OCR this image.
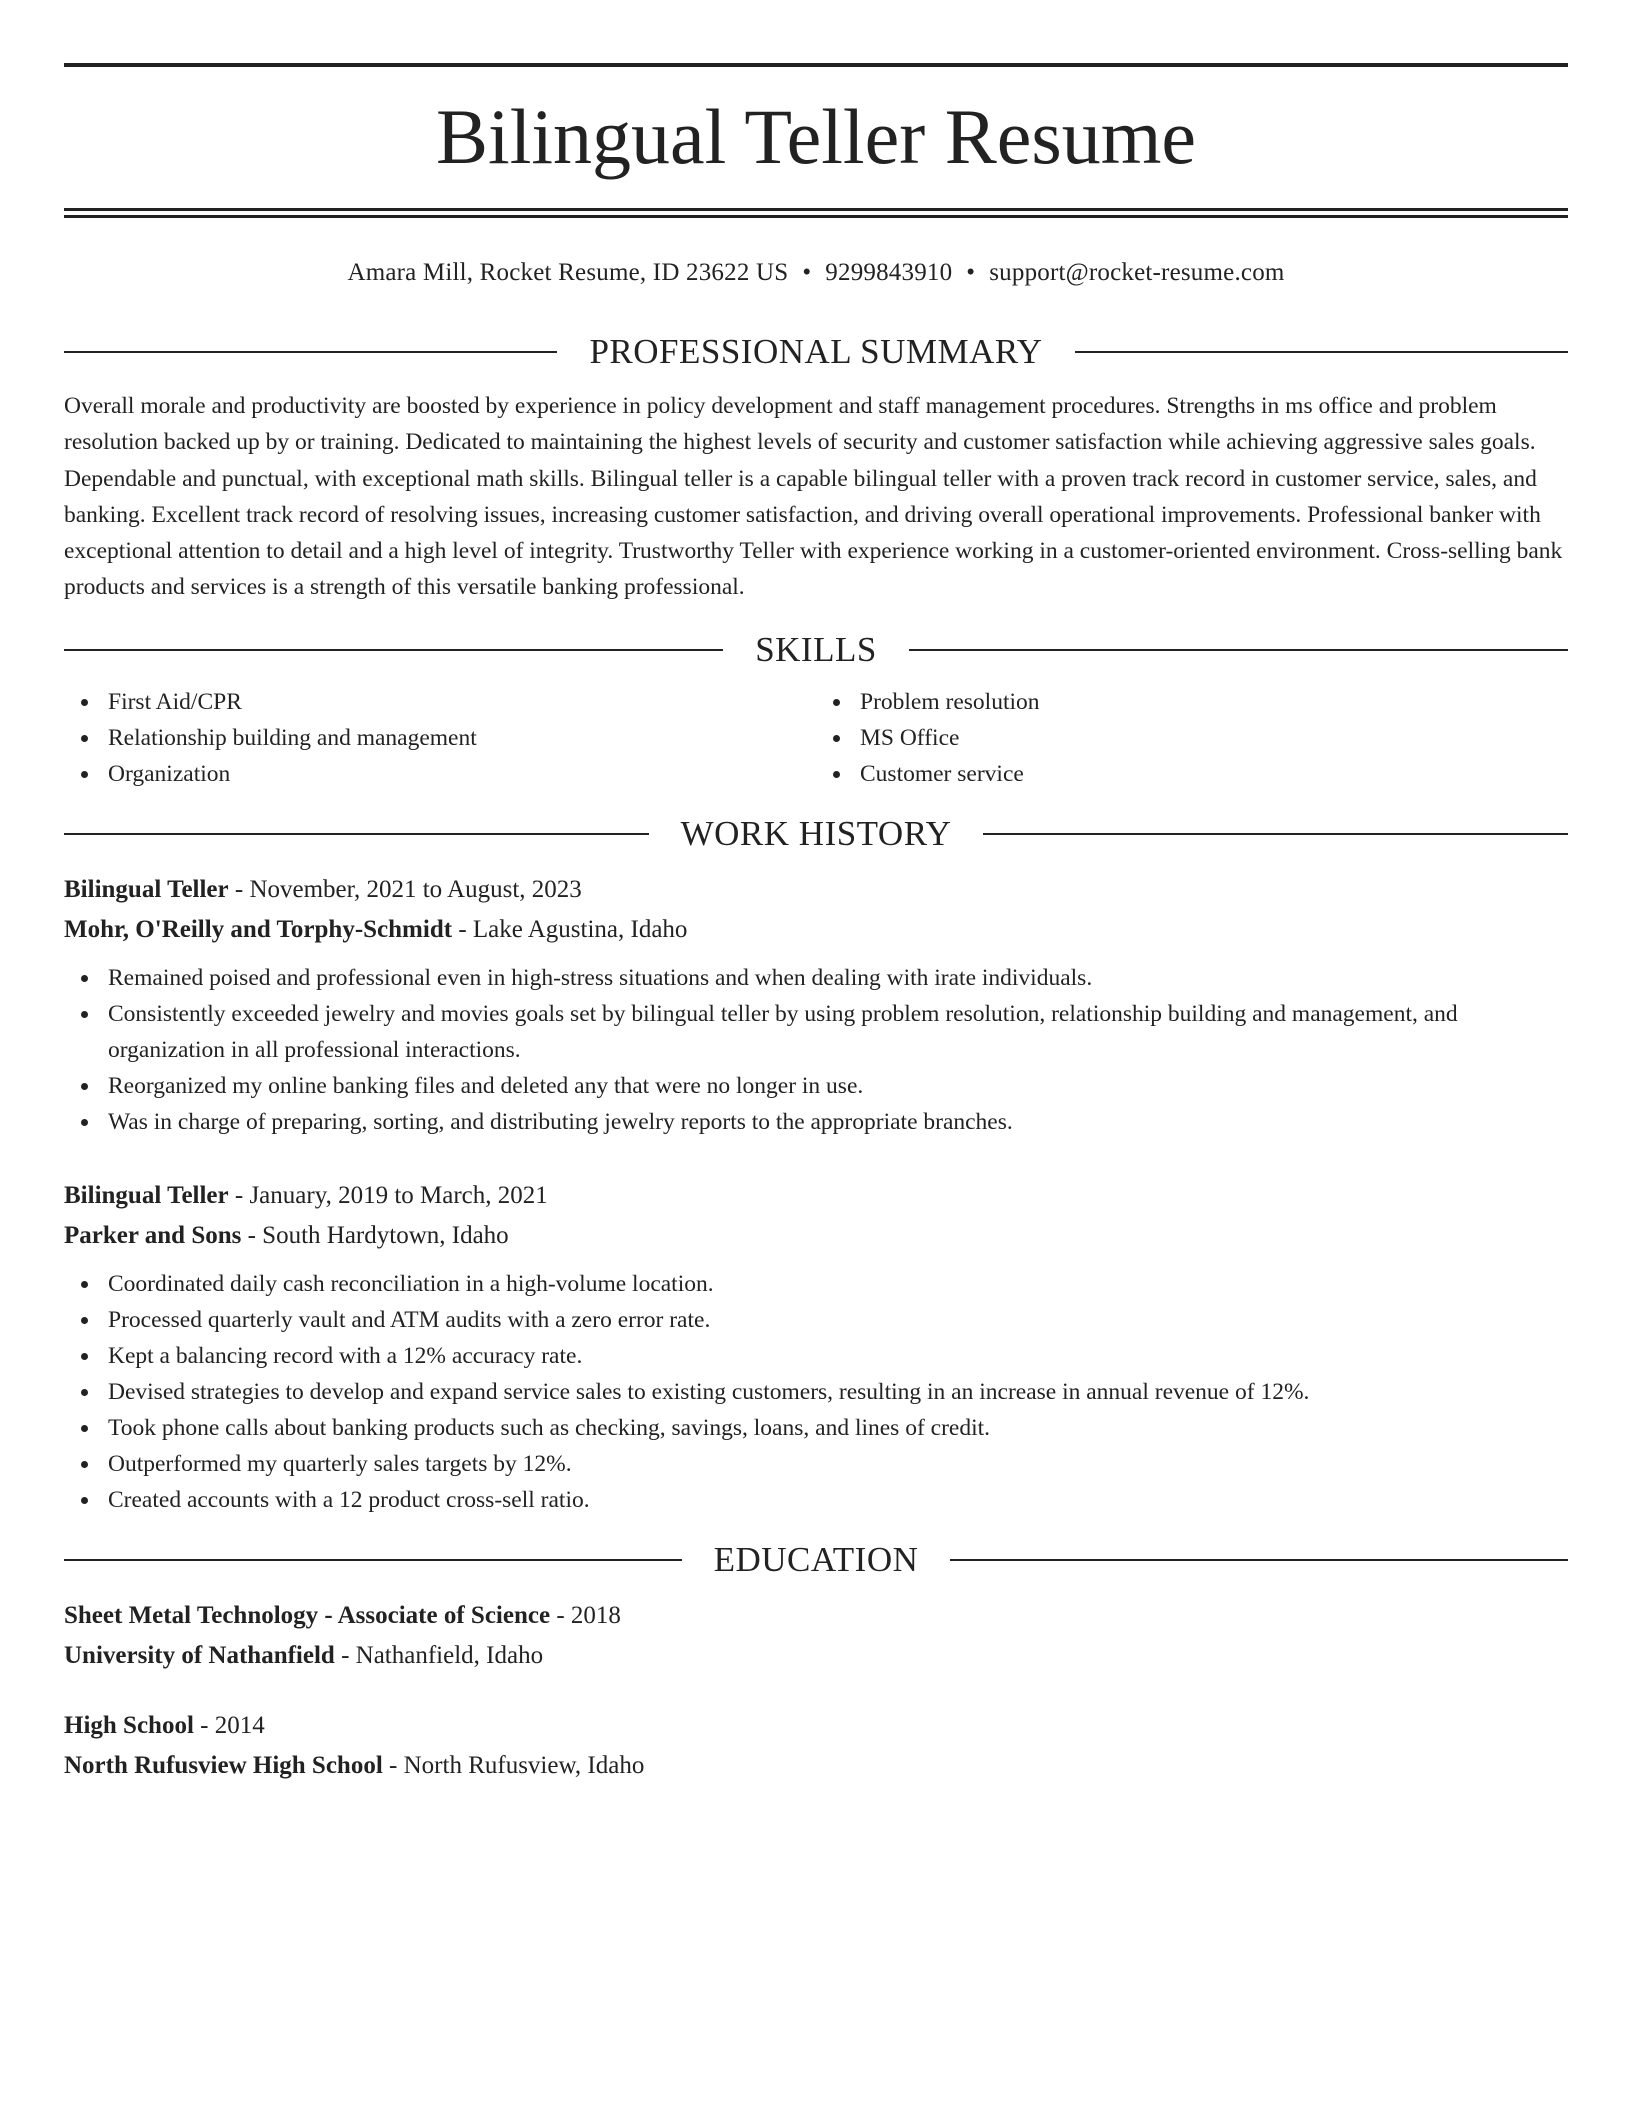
Bilingual Teller Resume
Amara Mill, Rocket Resume, ID 23622 US • 9299843910 • support@rocket-resume.com
PROFESSIONAL SUMMARY

Overall morale and productivity are boosted by experience in policy development and staff management procedures. Strengths in ms office and problem resolution backed up by or training. Dedicated to maintaining the highest levels of security and customer satisfaction while achieving aggressive sales goals. Dependable and punctual, with exceptional math skills. Bilingual teller is a capable bilingual teller with a proven track record in customer service, sales, and banking. Excellent track record of resolving issues, increasing customer satisfaction, and driving overall operational improvements. Professional banker with exceptional attention to detail and a high level of integrity. Trustworthy Teller with experience working in a customer-oriented environment. Cross-selling bank products and services is a strength of this versatile banking professional.

SKILLS
First Aid/CPR
Relationship building and management
Organization
Problem resolution
MS Office
Customer service
WORK HISTORY
Bilingual Teller - November, 2021 to August, 2023
Mohr, O'Reilly and Torphy-Schmidt - Lake Agustina, Idaho
Remained poised and professional even in high-stress situations and when dealing with irate individuals.
Consistently exceeded jewelry and movies goals set by bilingual teller by using problem resolution, relationship building and management, and organization in all professional interactions.
Reorganized my online banking files and deleted any that were no longer in use.
Was in charge of preparing, sorting, and distributing jewelry reports to the appropriate branches.
Bilingual Teller - January, 2019 to March, 2021
Parker and Sons - South Hardytown, Idaho
Coordinated daily cash reconciliation in a high-volume location.
Processed quarterly vault and ATM audits with a zero error rate.
Kept a balancing record with a 12% accuracy rate.
Devised strategies to develop and expand service sales to existing customers, resulting in an increase in annual revenue of 12%.
Took phone calls about banking products such as checking, savings, loans, and lines of credit.
Outperformed my quarterly sales targets by 12%.
Created accounts with a 12 product cross-sell ratio.
EDUCATION
Sheet Metal Technology - Associate of Science - 2018
University of Nathanfield - Nathanfield, Idaho
High School - 2014
North Rufusview High School - North Rufusview, Idaho
